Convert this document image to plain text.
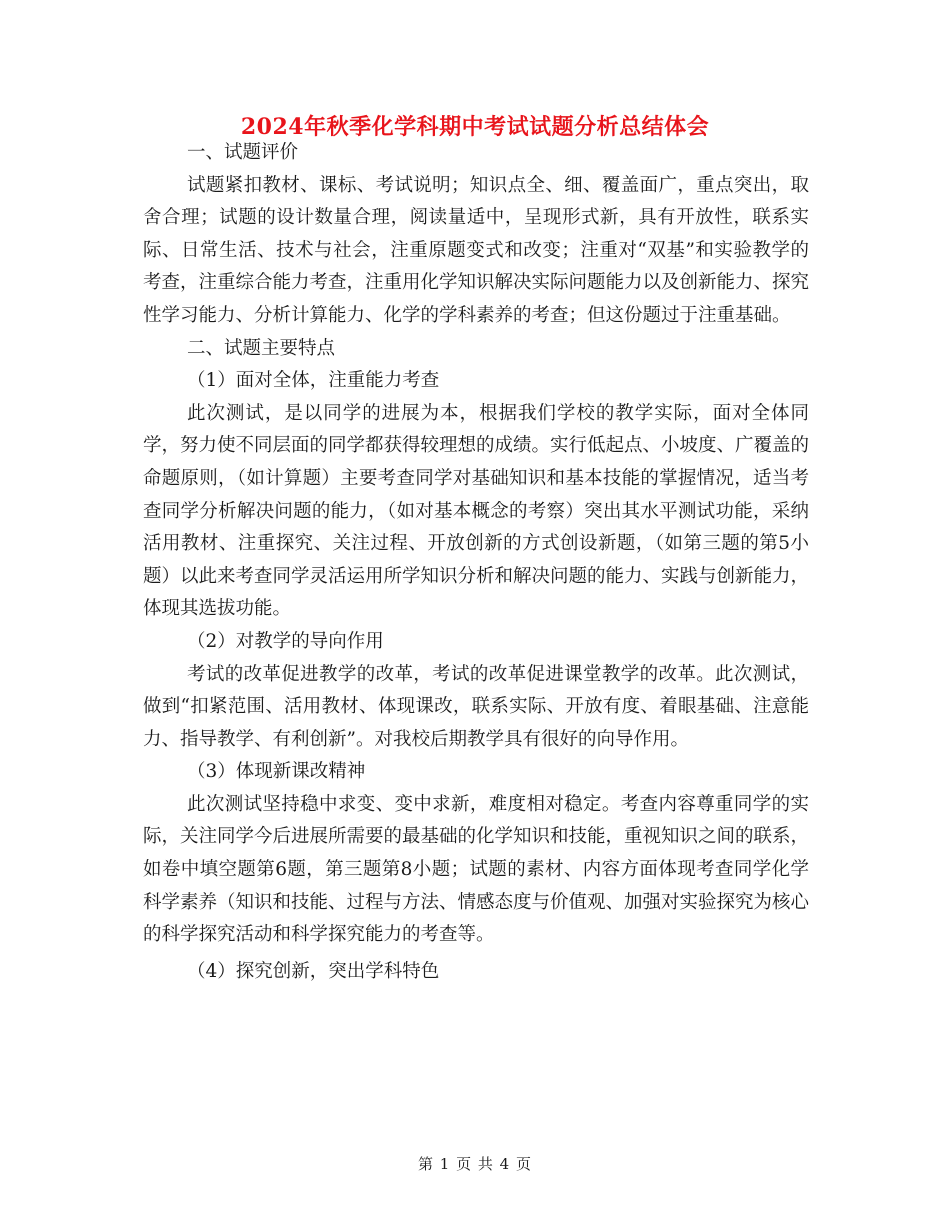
2024年秋季化学科期中考试试题分析总结体会

一、试题评价

试题紧扣教材、课标、考试说明；知识点全、细、覆盖面广，重点突出，取舍合理；试题的设计数量合理，阅读量适中，呈现形式新，具有开放性，联系实际、日常生活、技术与社会，注重原题变式和改变；注重对“双基”和实验教学的考查，注重综合能力考查，注重用化学知识解决实际问题能力以及创新能力、探究性学习能力、分析计算能力、化学的学科素养的考查；但这份题过于注重基础。

二、试题主要特点

（1）面对全体，注重能力考查

此次测试，是以同学的进展为本，根据我们学校的教学实际，面对全体同学，努力使不同层面的同学都获得较理想的成绩。实行低起点、小坡度、广覆盖的命题原则，（如计算题）主要考查同学对基础知识和基本技能的掌握情况，适当考查同学分析解决问题的能力，（如对基本概念的考察）突出其水平测试功能，采纳活用教材、注重探究、关注过程、开放创新的方式创设新题，（如第三题的第5小题）以此来考查同学灵活运用所学知识分析和解决问题的能力、实践与创新能力，体现其选拔功能。

（2）对教学的导向作用

考试的改革促进教学的改革，考试的改革促进课堂教学的改革。此次测试，做到“扣紧范围、活用教材、体现课改，联系实际、开放有度、着眼基础、注意能力、指导教学、有利创新”。对我校后期教学具有很好的向导作用。

（3）体现新课改精神

此次测试坚持稳中求变、变中求新，难度相对稳定。考查内容尊重同学的实际，关注同学今后进展所需要的最基础的化学知识和技能，重视知识之间的联系，如卷中填空题第6题，第三题第8小题；试题的素材、内容方面体现考查同学化学科学素养（知识和技能、过程与方法、情感态度与价值观、加强对实验探究为核心的科学探究活动和科学探究能力的考查等。

（4）探究创新，突出学科特色

第 1 页 共 4 页
